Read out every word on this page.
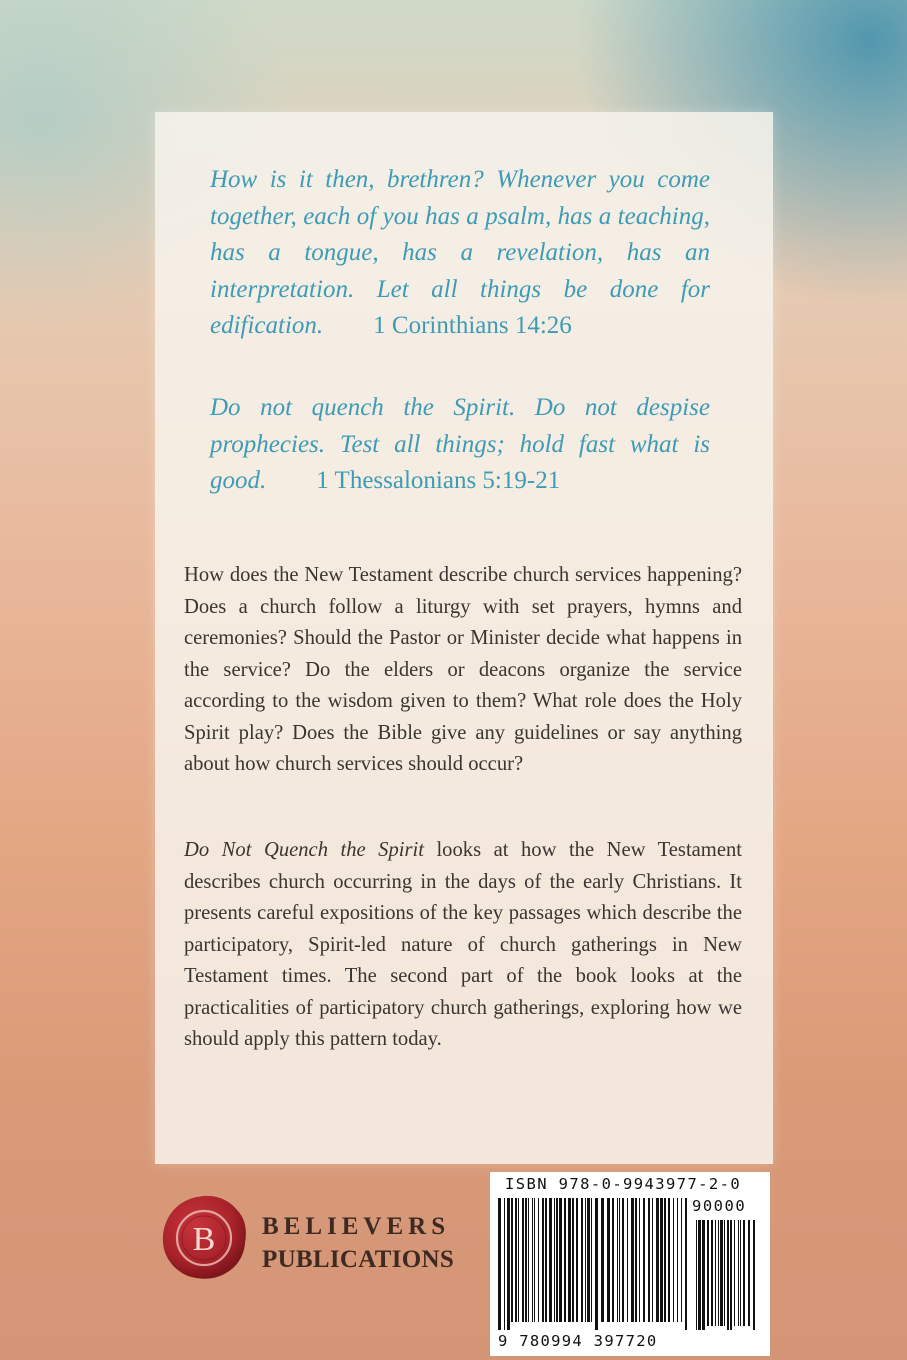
How is it then, brethren? Whenever you come together, each of you has a psalm, has a teaching, has a tongue, has a revelation, has an interpretation. Let all things be done for edification. 1 Corinthians 14:26
Do not quench the Spirit. Do not despise prophecies. Test all things; hold fast what is good. 1 Thessalonians 5:19-21
How does the New Testament describe church services happening? Does a church follow a liturgy with set prayers, hymns and ceremonies? Should the Pastor or Minister decide what happens in the service? Do the elders or deacons organize the service according to the wisdom given to them? What role does the Holy Spirit play? Does the Bible give any guidelines or say anything about how church services should occur?
Do Not Quench the Spirit looks at how the New Testament describes church occurring in the days of the early Christians. It presents careful expositions of the key passages which describe the participatory, Spirit-led nature of church gatherings in New Testament times. The second part of the book looks at the practicalities of participatory church gatherings, exploring how we should apply this pattern today.
B BELIEVERS
PUBLICATIONS
ISBN 978-0-9943977-2-0
90000
9 780994 397720
